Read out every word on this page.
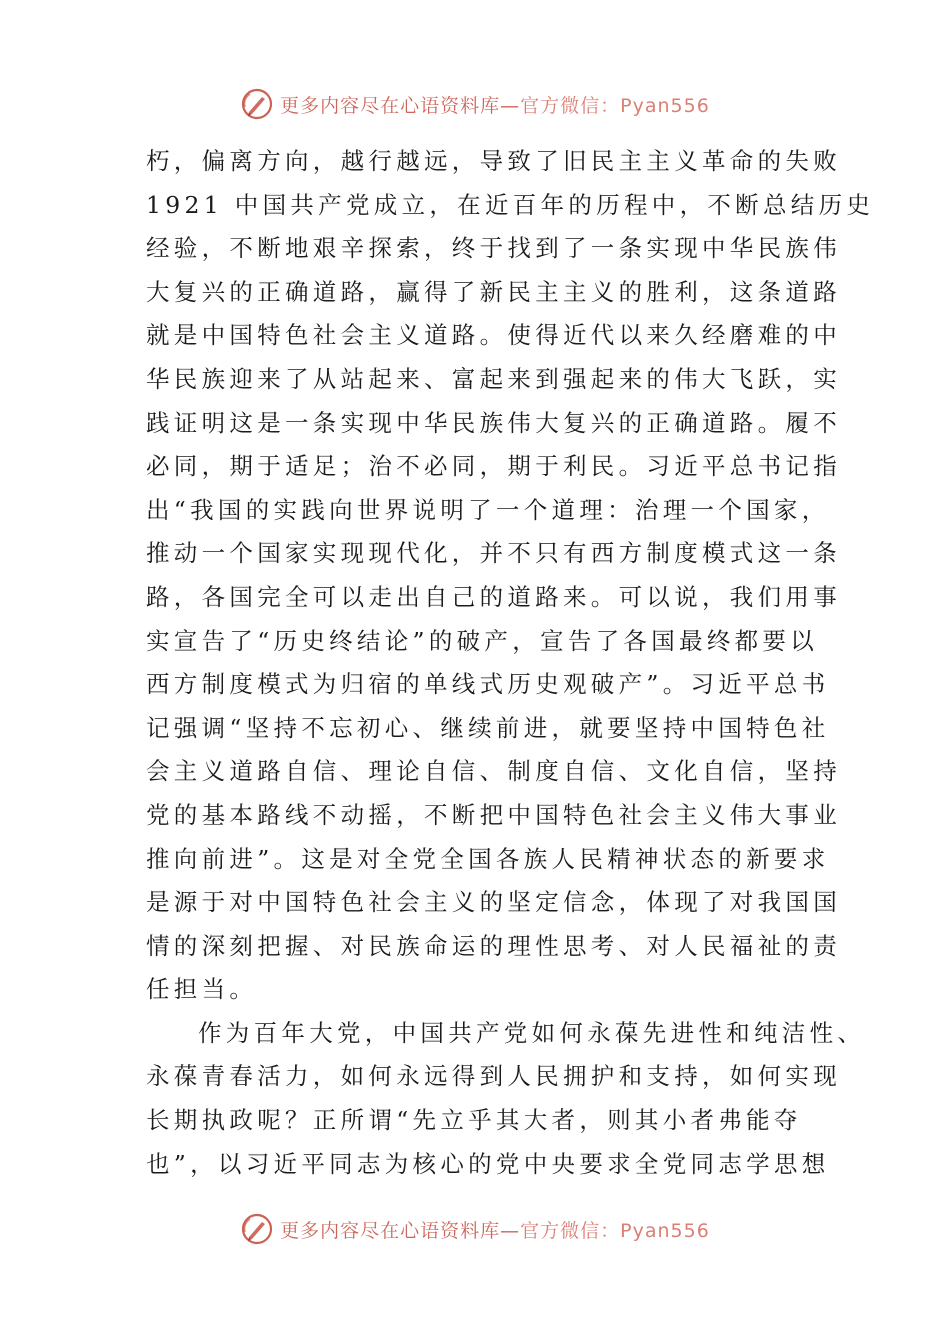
更多内容尽在心语资料库—官方微信：Pyan556
朽，偏离方向，越行越远，导致了旧民主主义革命的失败
1921 中国共产党成立，在近百年的历程中，不断总结历史
经验，不断地艰辛探索，终于找到了一条实现中华民族伟
大复兴的正确道路，赢得了新民主主义的胜利，这条道路
就是中国特色社会主义道路。使得近代以来久经磨难的中
华民族迎来了从站起来、富起来到强起来的伟大飞跃，实
践证明这是一条实现中华民族伟大复兴的正确道路。履不
必同，期于适足；治不必同，期于利民。习近平总书记指
出“我国的实践向世界说明了一个道理：治理一个国家，
推动一个国家实现现代化，并不只有西方制度模式这一条
路，各国完全可以走出自己的道路来。可以说，我们用事
实宣告了“历史终结论”的破产，宣告了各国最终都要以
西方制度模式为归宿的单线式历史观破产”。习近平总书
记强调“坚持不忘初心、继续前进，就要坚持中国特色社
会主义道路自信、理论自信、制度自信、文化自信，坚持
党的基本路线不动摇，不断把中国特色社会主义伟大事业
推向前进”。这是对全党全国各族人民精神状态的新要求
是源于对中国特色社会主义的坚定信念，体现了对我国国
情的深刻把握、对民族命运的理性思考、对人民福祉的责
任担当。
作为百年大党，中国共产党如何永葆先进性和纯洁性、
永葆青春活力，如何永远得到人民拥护和支持，如何实现
长期执政呢？正所谓“先立乎其大者，则其小者弗能夺
也”，以习近平同志为核心的党中央要求全党同志学思想
更多内容尽在心语资料库—官方微信：Pyan556
